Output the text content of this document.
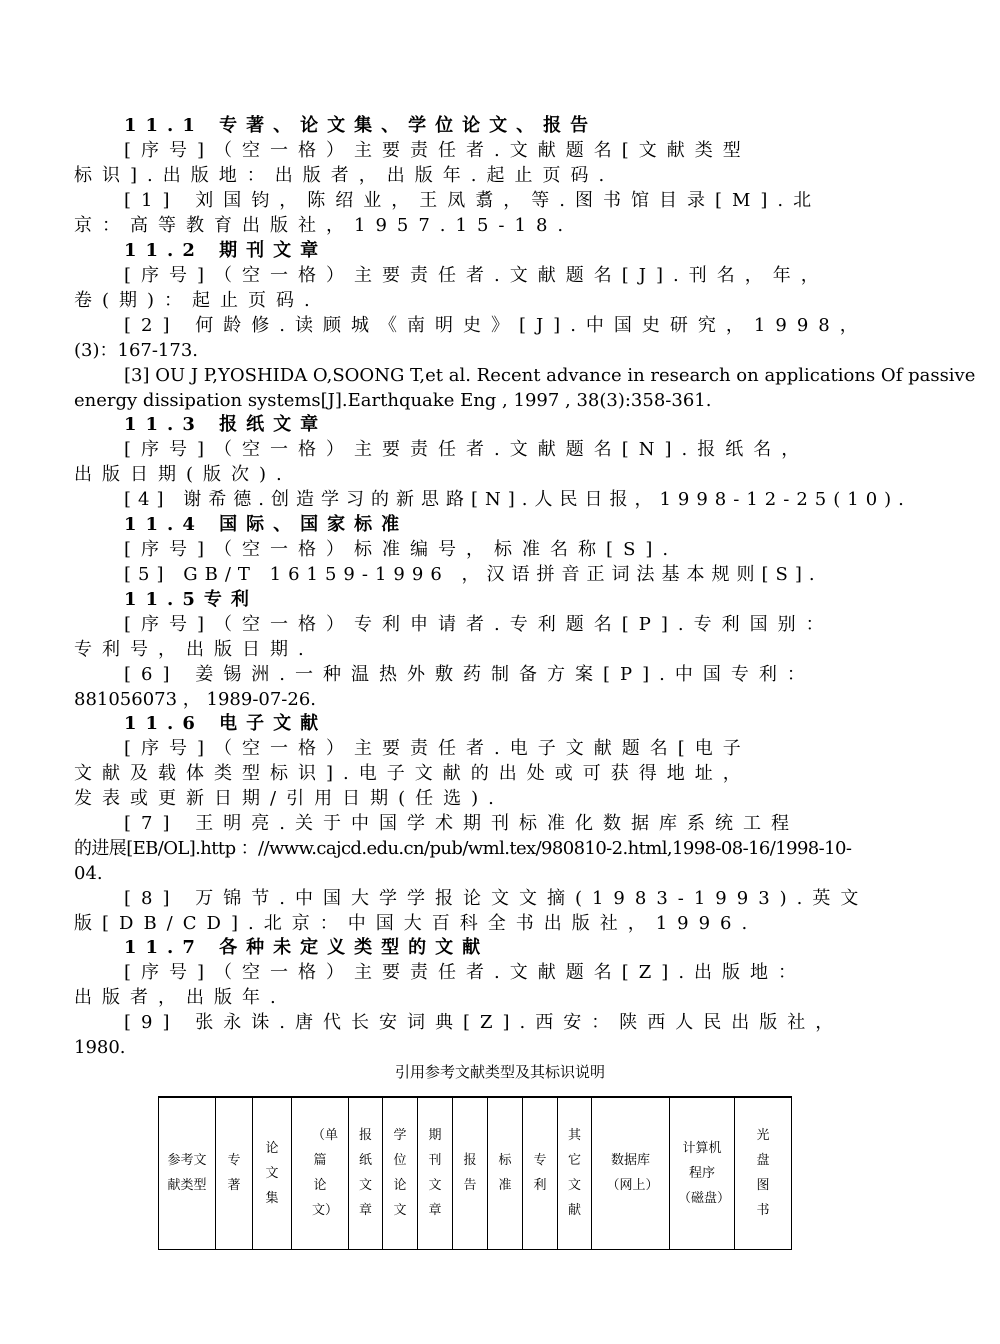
11.1 专著、论文集、学位论文、报告
[序号]（空一格）主要责任者.文献题名[文献类型
标识].出版地：出版者，出版年.起止页码.
[1] 刘国钧，陈绍业，王凤翥，等.图书馆目录[M].北
京：高等教育出版社，1957.15-18.
11.2 期刊文章
[序号]（空一格）主要责任者.文献题名[J].刊名，年，
卷(期)：起止页码.
[2] 何龄修.读顾城《南明史》[J].中国史研究，1998，
(3)：167-173.
[3] OU J P,YOSHIDA O,SOONG T,et al. Recent advance in research on applications Of passive
energy dissipation systems[J].Earthquake Eng , 1997 , 38(3):358-361.
11.3 报纸文章
[序号]（空一格）主要责任者.文献题名[N].报纸名，
出版日期(版次).
[4] 谢希德.创造学习的新思路[N].人民日报，1998-12-25(10).
11.4 国际、国家标准
[序号]（空一格）标准编号，标准名称[S].
[5] GB/T 16159-1996 ，汉语拼音正词法基本规则[S].
11.5专利
[序号]（空一格）专利申请者.专利题名[P].专利国别：
专利号，出版日期.
[6] 姜锡洲.一种温热外敷药制备方案[P].中国专利：
881056073 ， 1989-07-26.
11.6 电子文献
[序号]（空一格）主要责任者.电子文献题名[电子
文献及载体类型标识].电子文献的出处或可获得地址，
发表或更新日期/引用日期(任选).
[7] 王明亮.关于中国学术期刊标准化数据库系统工程
的进展[EB/OL].http ：//www.cajcd.edu.cn/pub/wml.tex/980810-2.html,1998-08-16/1998-10-
04.
[8] 万锦节.中国大学学报论文文摘(1983-1993).英文
版[DB/CD].北京：中国大百科全书出版社，1996.
11.7 各种未定义类型的文献
[序号]（空一格）主要责任者.文献题名[Z].出版地：
出版者，出版年.
[9] 张永诛.唐代长安词典[Z].西安：陕西人民出版社，
1980.
引用参考文献类型及其标识说明
参考文献类型	专著	论文集	（单篇论文）	报纸文章	学位论文	期刊文章	报告	标准	专利	其它文献	数据库（网上）	计算机程序（磁盘）	光盘图书
